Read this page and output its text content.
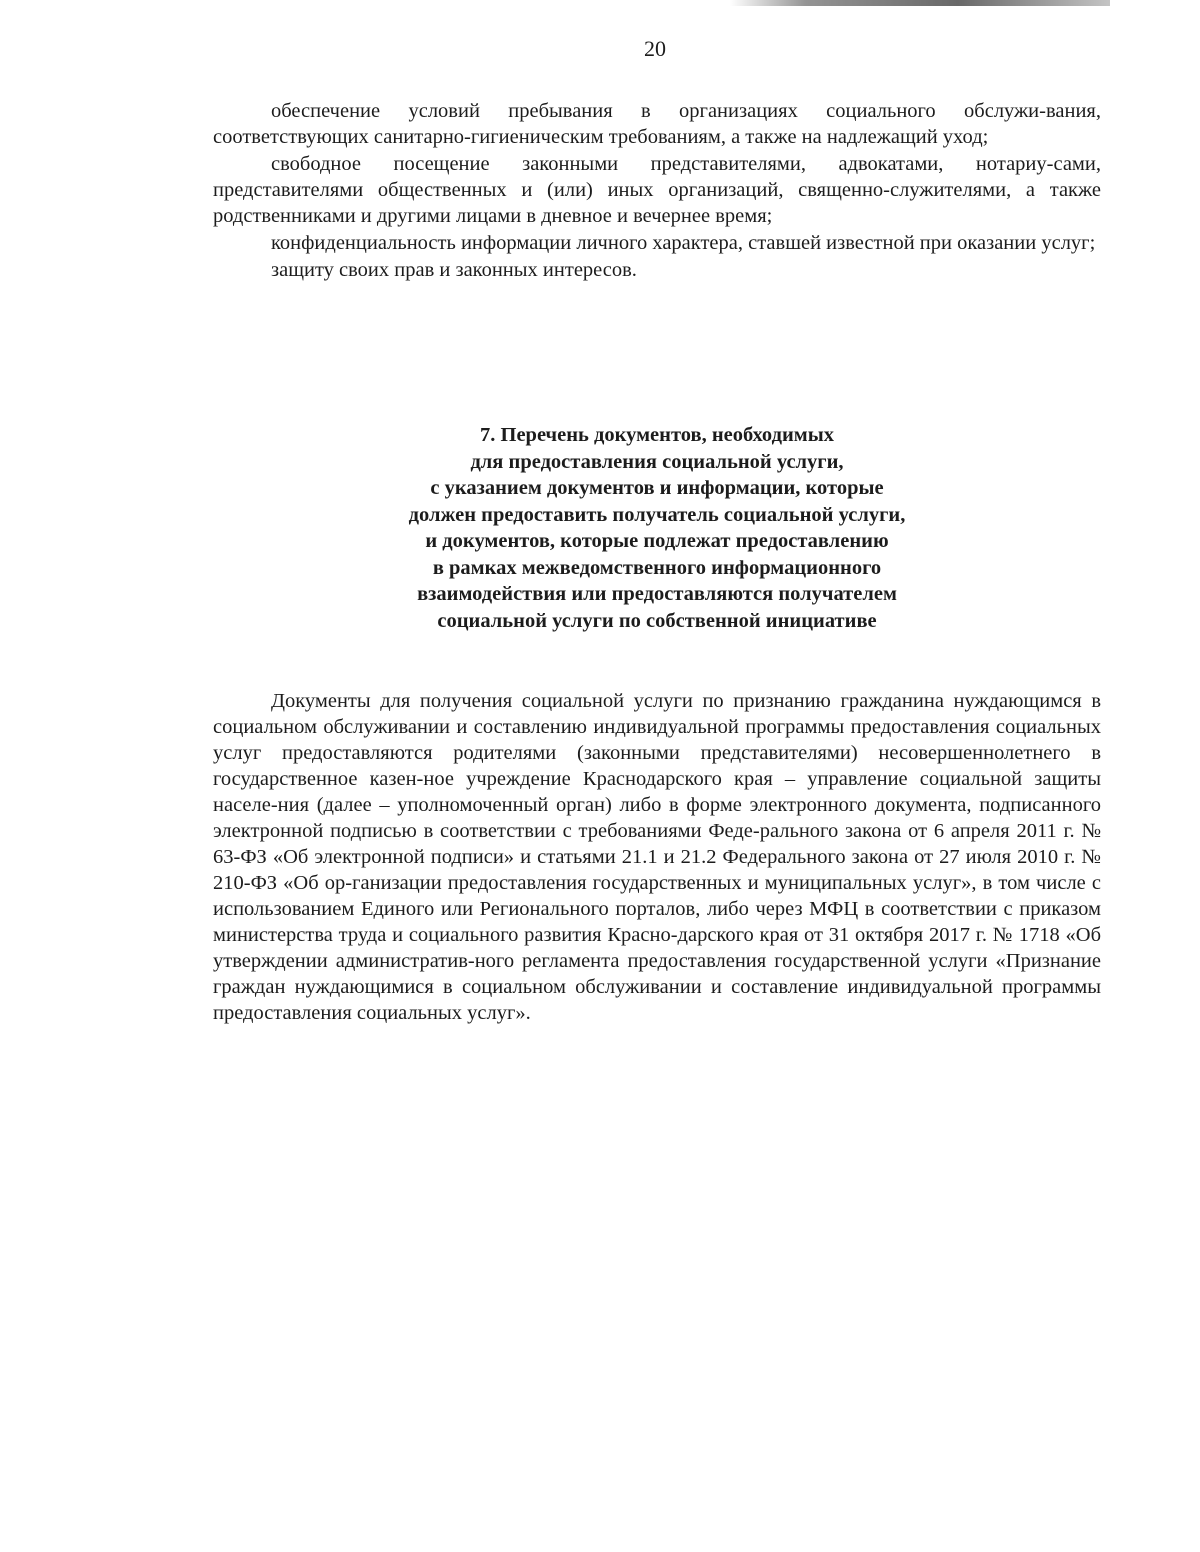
20

обеспечение условий пребывания в организациях социального обслужи-вания, соответствующих санитарно-гигиеническим требованиям, а также на надлежащий уход;

свободное посещение законными представителями, адвокатами, нотариу-сами, представителями общественных и (или) иных организаций, священно-служителями, а также родственниками и другими лицами в дневное и вечернее время;

конфиденциальность информации личного характера, ставшей известной при оказании услуг;

защиту своих прав и законных интересов.

7. Перечень документов, необходимых
для предоставления социальной услуги,
с указанием документов и информации, которые
должен предоставить получатель социальной услуги,
и документов, которые подлежат предоставлению
в рамках межведомственного информационного
взаимодействия или предоставляются получателем
социальной услуги по собственной инициативе

Документы для получения социальной услуги по признанию гражданина нуждающимся в социальном обслуживании и составлению индивидуальной программы предоставления социальных услуг предоставляются родителями (законными представителями) несовершеннолетнего в государственное казен-ное учреждение Краснодарского края – управление социальной защиты населе-ния (далее – уполномоченный орган) либо в форме электронного документа, подписанного электронной подписью в соответствии с требованиями Феде-рального закона от 6 апреля 2011 г. № 63-ФЗ «Об электронной подписи» и статьями 21.1 и 21.2 Федерального закона от 27 июля 2010 г. № 210-ФЗ «Об ор-ганизации предоставления государственных и муниципальных услуг», в том числе с использованием Единого или Регионального порталов, либо через МФЦ в соответствии с приказом министерства труда и социального развития Красно-дарского края от 31 октября 2017 г. № 1718 «Об утверждении административ-ного регламента предоставления государственной услуги «Признание граждан нуждающимися в социальном обслуживании и составление индивидуальной программы предоставления социальных услуг».
